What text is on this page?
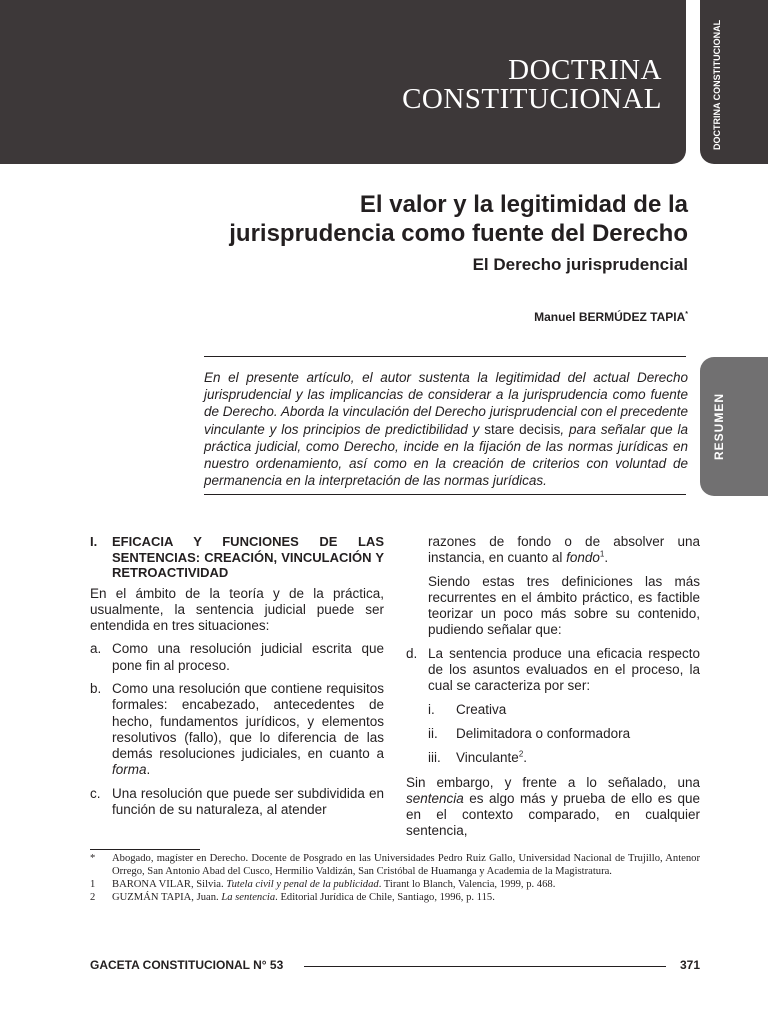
DOCTRINA
CONSTITUCIONAL	DOCTRINA CONSTITUCIONAL
El valor y la legitimidad de la
jurisprudencia como fuente del Derecho
El Derecho jurisprudencial
Manuel BERMÚDEZ TAPIA*
En el presente artículo, el autor sustenta la legitimidad del actual Derecho jurisprudencial y las implicancias de considerar a la jurisprudencia como fuente de Derecho. Aborda la vinculación del Derecho jurisprudencial con el precedente vinculante y los principios de predictibilidad y stare decisis, para señalar que la práctica judicial, como Derecho, incide en la fijación de las normas jurídicas en nuestro ordenamiento, así como en la creación de criterios con voluntad de permanencia en la interpretación de las normas jurídicas.
RESUMEN
I.	EFICACIA Y FUNCIONES DE LAS SENTENCIAS: CREACIÓN, VINCULACIÓN Y RETROACTIVIDAD

En el ámbito de la teoría y de la práctica, usualmente, la sentencia judicial puede ser entendida en tres situaciones:

a. Como una resolución judicial escrita que pone fin al proceso.
b. Como una resolución que contiene requisitos formales: encabezado, antecedentes de hecho, fundamentos jurídicos, y elementos resolutivos (fallo), que lo diferencia de las demás resoluciones judiciales, en cuanto a forma.
c. Una resolución que puede ser subdividida en función de su naturaleza, al atender

razones de fondo o de absolver una instancia, en cuanto al fondo$^1$.

Siendo estas tres definiciones las más recurrentes en el ámbito práctico, es factible teorizar un poco más sobre su contenido, pudiendo señalar que:

d. La sentencia produce una eficacia respecto de los asuntos evaluados en el proceso, la cual se caracteriza por ser:
i.	Creativa
ii.	Delimitadora o conformadora
iii.	Vinculante$^2$.

Sin embargo, y frente a lo señalado, una sentencia es algo más y prueba de ello es que en el contexto comparado, en cualquier sentencia,

*	Abogado, magíster en Derecho. Docente de Posgrado en las Universidades Pedro Ruiz Gallo, Universidad Nacional de Trujillo, Antenor Orrego, San Antonio Abad del Cusco, Hermilio Valdizán, San Cristóbal de Huamanga y Academia de la Magistratura.
1	BARONA VILAR, Silvia. Tutela civil y penal de la publicidad. Tirant lo Blanch, Valencia, 1999, p. 468.
2	GUZMÁN TAPIA, Juan. La sentencia. Editorial Jurídica de Chile, Santiago, 1996, p. 115.
GACETA CONSTITUCIONAL N° 53	371
